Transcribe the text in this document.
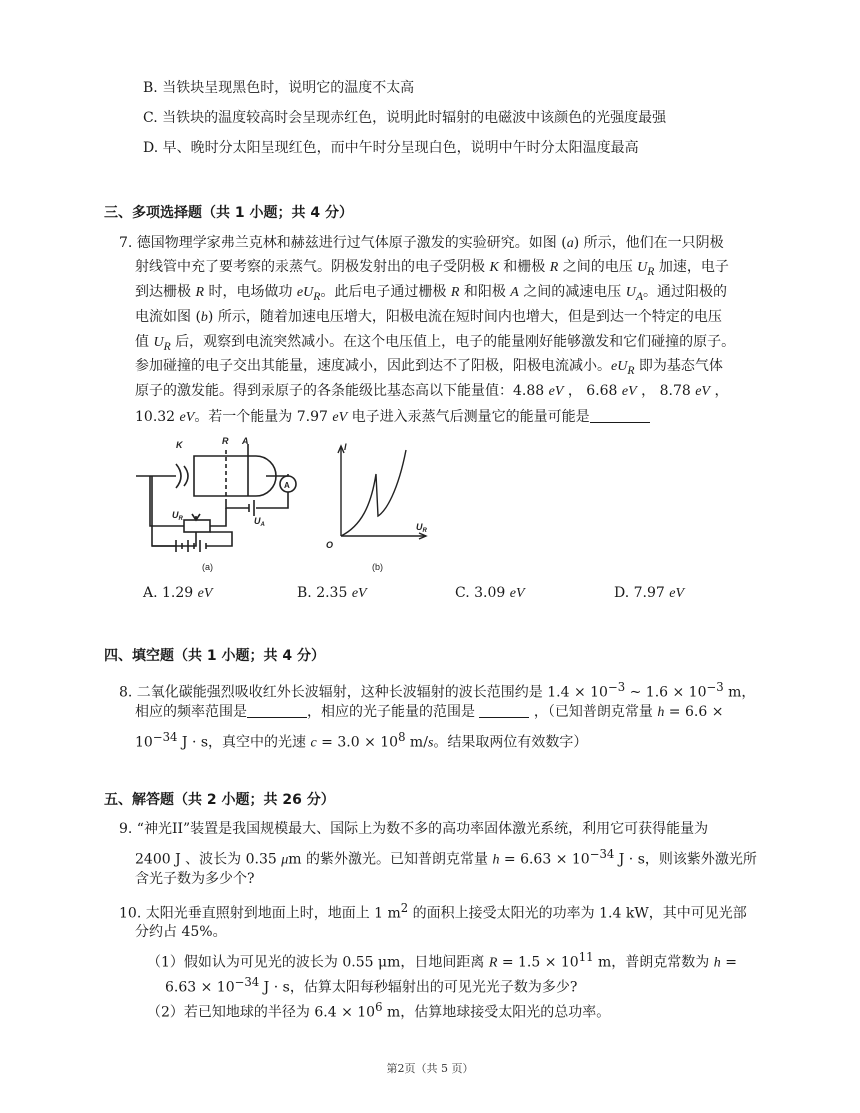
B. 当铁块呈现黑色时，说明它的温度不太高
C. 当铁块的温度较高时会呈现赤红色，说明此时辐射的电磁波中该颜色的光强度最强
D. 早、晚时分太阳呈现红色，而中午时分呈现白色，说明中午时分太阳温度最高
三、多项选择题（共 1 小题；共 4 分）
7. 德国物理学家弗兰克林和赫兹进行过气体原子激发的实验研究。如图 (a) 所示，他们在一只阴极
射线管中充了要考察的汞蒸气。阴极发射出的电子受阴极 K 和栅极 R 之间的电压 $U_R$ 加速，电子
到达栅极 R 时，电场做功 $eU_R$。此后电子通过栅极 R 和阳极 A 之间的减速电压 $U_A$。通过阳极的
电流如图 (b) 所示，随着加速电压增大，阳极电流在短时间内也增大，但是到达一个特定的电压
值 $U_R$ 后，观察到电流突然减小。在这个电压值上，电子的能量刚好能够激发和它们碰撞的原子。
参加碰撞的电子交出其能量，速度减小，因此到达不了阳极，阳极电流减小。$eU_R$ 即为基态气体
原子的激发能。得到汞原子的各条能级比基态高以下能量值：4.88 eV ， 6.68 eV ， 8.78 eV ，
10.32 eV。若一个能量为 7.97 eV 电子进入汞蒸气后测量它的能量可能是
K	R A
A
$U_R$	$U_A$
(a)
I
O
$U_R$
(b)
A. 1.29 eV	B. 2.35 eV	C. 3.09 eV	D. 7.97 eV
四、填空题（共 1 小题；共 4 分）
8. 二氧化碳能强烈吸收红外长波辐射，这种长波辐射的波长范围约是 $1.4 \times 10^{-3}$ ~ $1.6 \times 10^{-3}$ m，
相应的频率范围是	，相应的光子能量的范围是	，（已知普朗克常量 h = 6.6 ×
$10^{-34}$ J · s，真空中的光速 $c = 3.0 \times 10^8$ m/s。结果取两位有效数字）
五、解答题（共 2 小题；共 26 分）
9. “神光II”装置是我国规模最大、国际上为数不多的高功率固体激光系统，利用它可获得能量为
2400 J 、波长为 0.35 μm 的紫外激光。已知普朗克常量 $h = 6.63 \times 10^{-34}$ J · s，则该紫外激光所
含光子数为多少个?
10. 太阳光垂直照射到地面上时，地面上 1 $m^2$ 的面积上接受太阳光的功率为 1.4 kW，其中可见光部
分约占 45%。
（1）假如认为可见光的波长为 0.55 μm，日地间距离 $R = 1.5 \times 10^{11}$ m，普朗克常数为 h =
$6.63 \times 10^{-34}$ J · s，估算太阳每秒辐射出的可见光光子数为多少?
（2）若已知地球的半径为 $6.4 \times 10^6$ m，估算地球接受太阳光的总功率。
第2页（共 5 页）
